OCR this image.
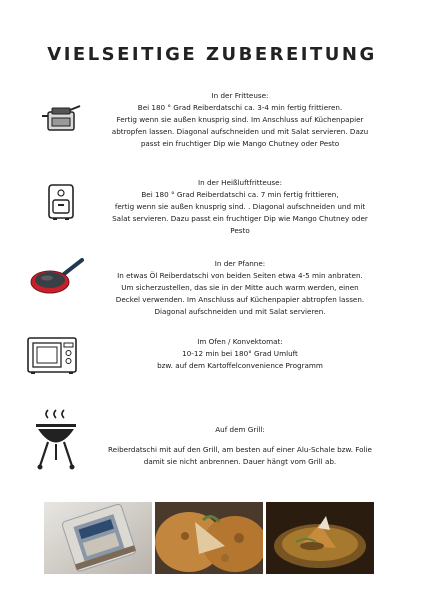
VIELSEITIGE ZUBEREITUNG
In der Fritteuse:
Bei 180 ° Grad Reiberdatschi ca. 3-4 min fertig frittieren.
Fertig wenn sie außen knusprig sind. Im Anschluss auf Küchenpapier
abtropfen lassen. Diagonal aufschneiden und mit Salat servieren. Dazu
passt ein fruchtiger Dip wie Mango Chutney oder Pesto
In der Heißluftfritteuse:
Bei 180 ° Grad Reiberdatschi ca. 7 min fertig frittieren,
fertig wenn sie außen knusprig sind. . Diagonal aufschneiden und mit
Salat servieren. Dazu passt ein fruchtiger Dip wie Mango Chutney oder
Pesto
In der Pfanne:
In etwas Öl Reiberdatschi von beiden Seiten etwa 4-5 min anbraten.
Um sicherzustellen, das sie in der Mitte auch warm werden, einen
Deckel verwenden. Im Anschluss auf Küchenpapier abtropfen lassen.
Diagonal aufschneiden und mit Salat servieren.
Im Ofen / Konvektomat:
10-12 min bei 180° Grad Umluft
bzw. auf dem Kartoffelconvenience Programm
Auf dem Grill:
Reiberdatschi mit auf den Grill, am besten auf einer Alu-Schale bzw. Folie
damit sie nicht anbrennen. Dauer hängt vom Grill ab.
